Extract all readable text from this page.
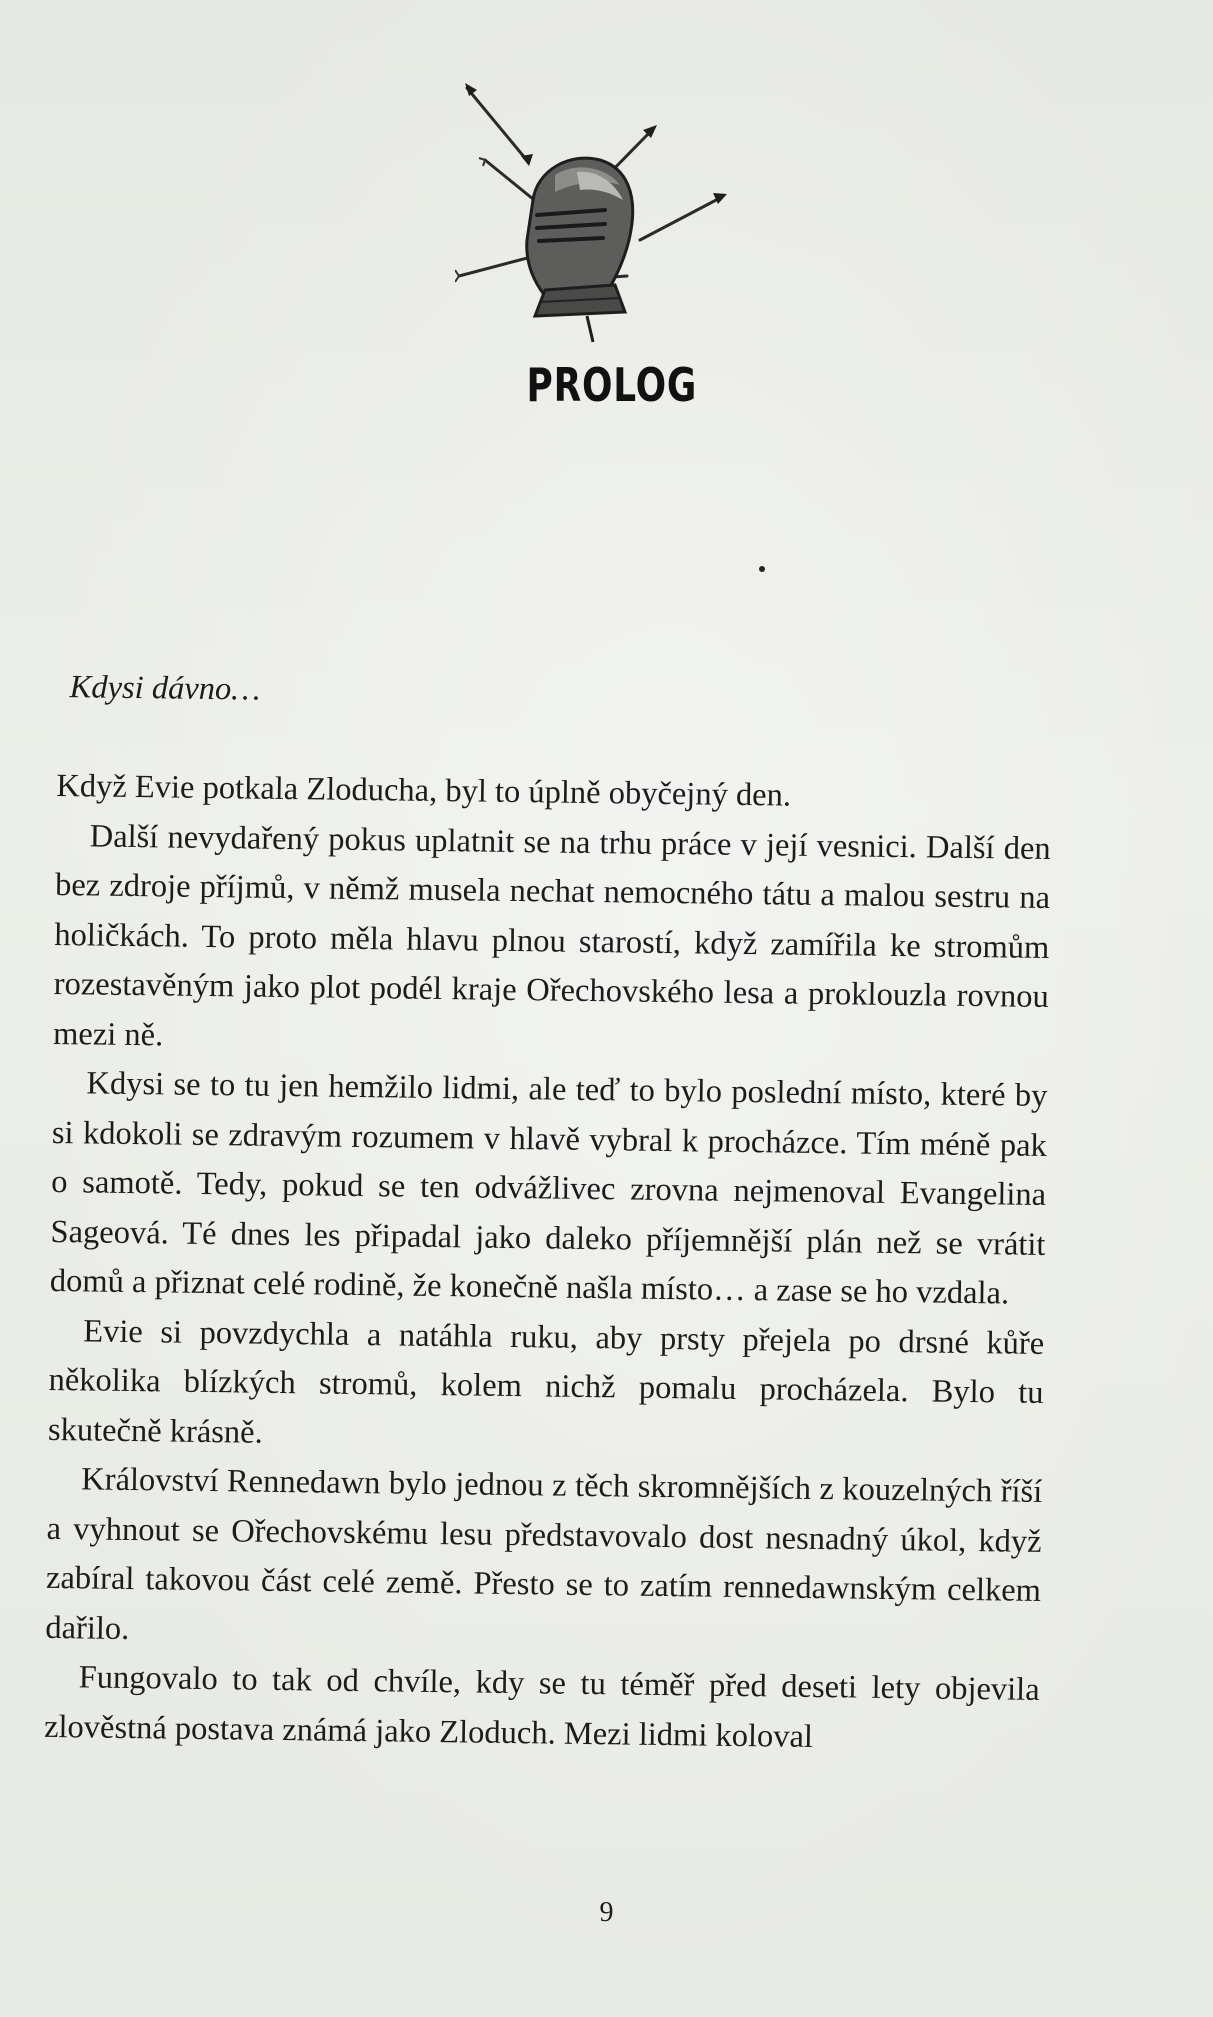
PROLOG

Kdysi dávno…

Když Evie potkala Zloducha, byl to úplně obyčejný den.

Další nevydařený pokus uplatnit se na trhu práce v její vesnici. Další den bez zdroje příjmů, v němž musela nechat nemocného tátu a malou sestru na holičkách. To proto měla hlavu plnou starostí, když zamířila ke stromům rozestavěným jako plot podél kraje Ořechovského lesa a proklouzla rovnou mezi ně.

Kdysi se to tu jen hemžilo lidmi, ale teď to bylo poslední místo, které by si kdokoli se zdravým rozumem v hlavě vybral k procházce. Tím méně pak o samotě. Tedy, pokud se ten odvážlivec zrovna nejmenoval Evangelina Sageová. Té dnes les připadal jako daleko příjemnější plán než se vrátit domů a přiznat celé rodině, že konečně našla místo… a zase se ho vzdala.

Evie si povzdychla a natáhla ruku, aby prsty přejela po drsné kůře několika blízkých stromů, kolem nichž pomalu procházela. Bylo tu skutečně krásně.

Království Rennedawn bylo jednou z těch skromnějších z kouzelných říší a vyhnout se Ořechovskému lesu představovalo dost nesnadný úkol, když zabíral takovou část celé země. Přesto se to zatím rennedawnským celkem dařilo.

Fungovalo to tak od chvíle, kdy se tu téměř před deseti lety objevila zlověstná postava známá jako Zloduch. Mezi lidmi koloval

9
